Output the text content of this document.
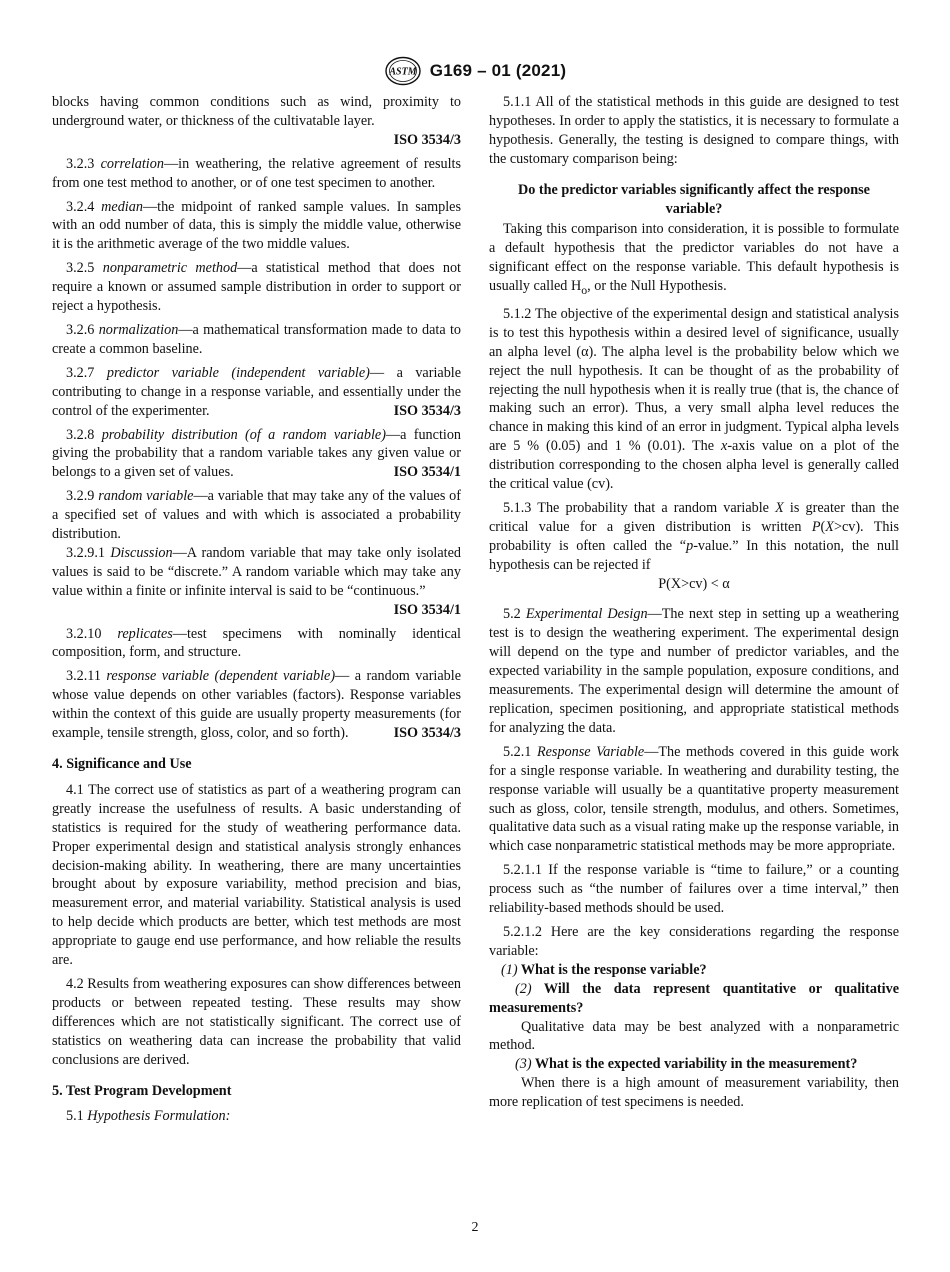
ASTM G169 – 01 (2021)

blocks having common conditions such as wind, proximity to underground water, or thickness of the cultivatable layer.
ISO 3534/3

3.2.3 correlation—in weathering, the relative agreement of results from one test method to another, or of one test specimen to another.

3.2.4 median—the midpoint of ranked sample values. In samples with an odd number of data, this is simply the middle value, otherwise it is the arithmetic average of the two middle values.

3.2.5 nonparametric method—a statistical method that does not require a known or assumed sample distribution in order to support or reject a hypothesis.

3.2.6 normalization—a mathematical transformation made to data to create a common baseline.

3.2.7 predictor variable (independent variable)— a variable contributing to change in a response variable, and essentially under the control of the experimenter.	ISO 3534/3

3.2.8 probability distribution (of a random variable)—a function giving the probability that a random variable takes any given value or belongs to a given set of values.	ISO 3534/1

3.2.9 random variable—a variable that may take any of the values of a specified set of values and with which is associated a probability distribution.

3.2.9.1 Discussion—A random variable that may take only isolated values is said to be “discrete.” A random variable which may take any value within a finite or infinite interval is said to be “continuous.”
ISO 3534/1

3.2.10 replicates—test specimens with nominally identical composition, form, and structure.

3.2.11 response variable (dependent variable)— a random variable whose value depends on other variables (factors). Response variables within the context of this guide are usually property measurements (for example, tensile strength, gloss, color, and so forth).	ISO 3534/3

4. Significance and Use

4.1 The correct use of statistics as part of a weathering program can greatly increase the usefulness of results. A basic understanding of statistics is required for the study of weathering performance data. Proper experimental design and statistical analysis strongly enhances decision-making ability. In weathering, there are many uncertainties brought about by exposure variability, method precision and bias, measurement error, and material variability. Statistical analysis is used to help decide which products are better, which test methods are most appropriate to gauge end use performance, and how reliable the results are.

4.2 Results from weathering exposures can show differences between products or between repeated testing. These results may show differences which are not statistically significant. The correct use of statistics on weathering data can increase the probability that valid conclusions are derived.

5. Test Program Development

5.1 Hypothesis Formulation:

5.1.1 All of the statistical methods in this guide are designed to test hypotheses. In order to apply the statistics, it is necessary to formulate a hypothesis. Generally, the testing is designed to compare things, with the customary comparison being:

Do the predictor variables significantly affect the response variable?

Taking this comparison into consideration, it is possible to formulate a default hypothesis that the predictor variables do not have a significant effect on the response variable. This default hypothesis is usually called $H_o$, or the Null Hypothesis.

5.1.2 The objective of the experimental design and statistical analysis is to test this hypothesis within a desired level of significance, usually an alpha level (α). The alpha level is the probability below which we reject the null hypothesis. It can be thought of as the probability of rejecting the null hypothesis when it is really true (that is, the chance of making such an error). Thus, a very small alpha level reduces the chance in making this kind of an error in judgment. Typical alpha levels are 5 % (0.05) and 1 % (0.01). The x-axis value on a plot of the distribution corresponding to the chosen alpha level is generally called the critical value (cv).

5.1.3 The probability that a random variable X is greater than the critical value for a given distribution is written P(X>cv). This probability is often called the “p-value.” In this notation, the null hypothesis can be rejected if

P(X>cv) < α

5.2 Experimental Design—The next step in setting up a weathering test is to design the weathering experiment. The experimental design will depend on the type and number of predictor variables, and the expected variability in the sample population, exposure conditions, and measurements. The experimental design will determine the amount of replication, specimen positioning, and appropriate statistical methods for analyzing the data.

5.2.1 Response Variable—The methods covered in this guide work for a single response variable. In weathering and durability testing, the response variable will usually be a quantitative property measurement such as gloss, color, tensile strength, modulus, and others. Sometimes, qualitative data such as a visual rating make up the response variable, in which case nonparametric statistical methods may be more appropriate.

5.2.1.1 If the response variable is “time to failure,” or a counting process such as “the number of failures over a time interval,” then reliability-based methods should be used.

5.2.1.2 Here are the key considerations regarding the response variable:

(1) What is the response variable?

(2) Will the data represent quantitative or qualitative measurements?

Qualitative data may be best analyzed with a nonparametric method.

(3) What is the expected variability in the measurement?

When there is a high amount of measurement variability, then more replication of test specimens is needed.

2
